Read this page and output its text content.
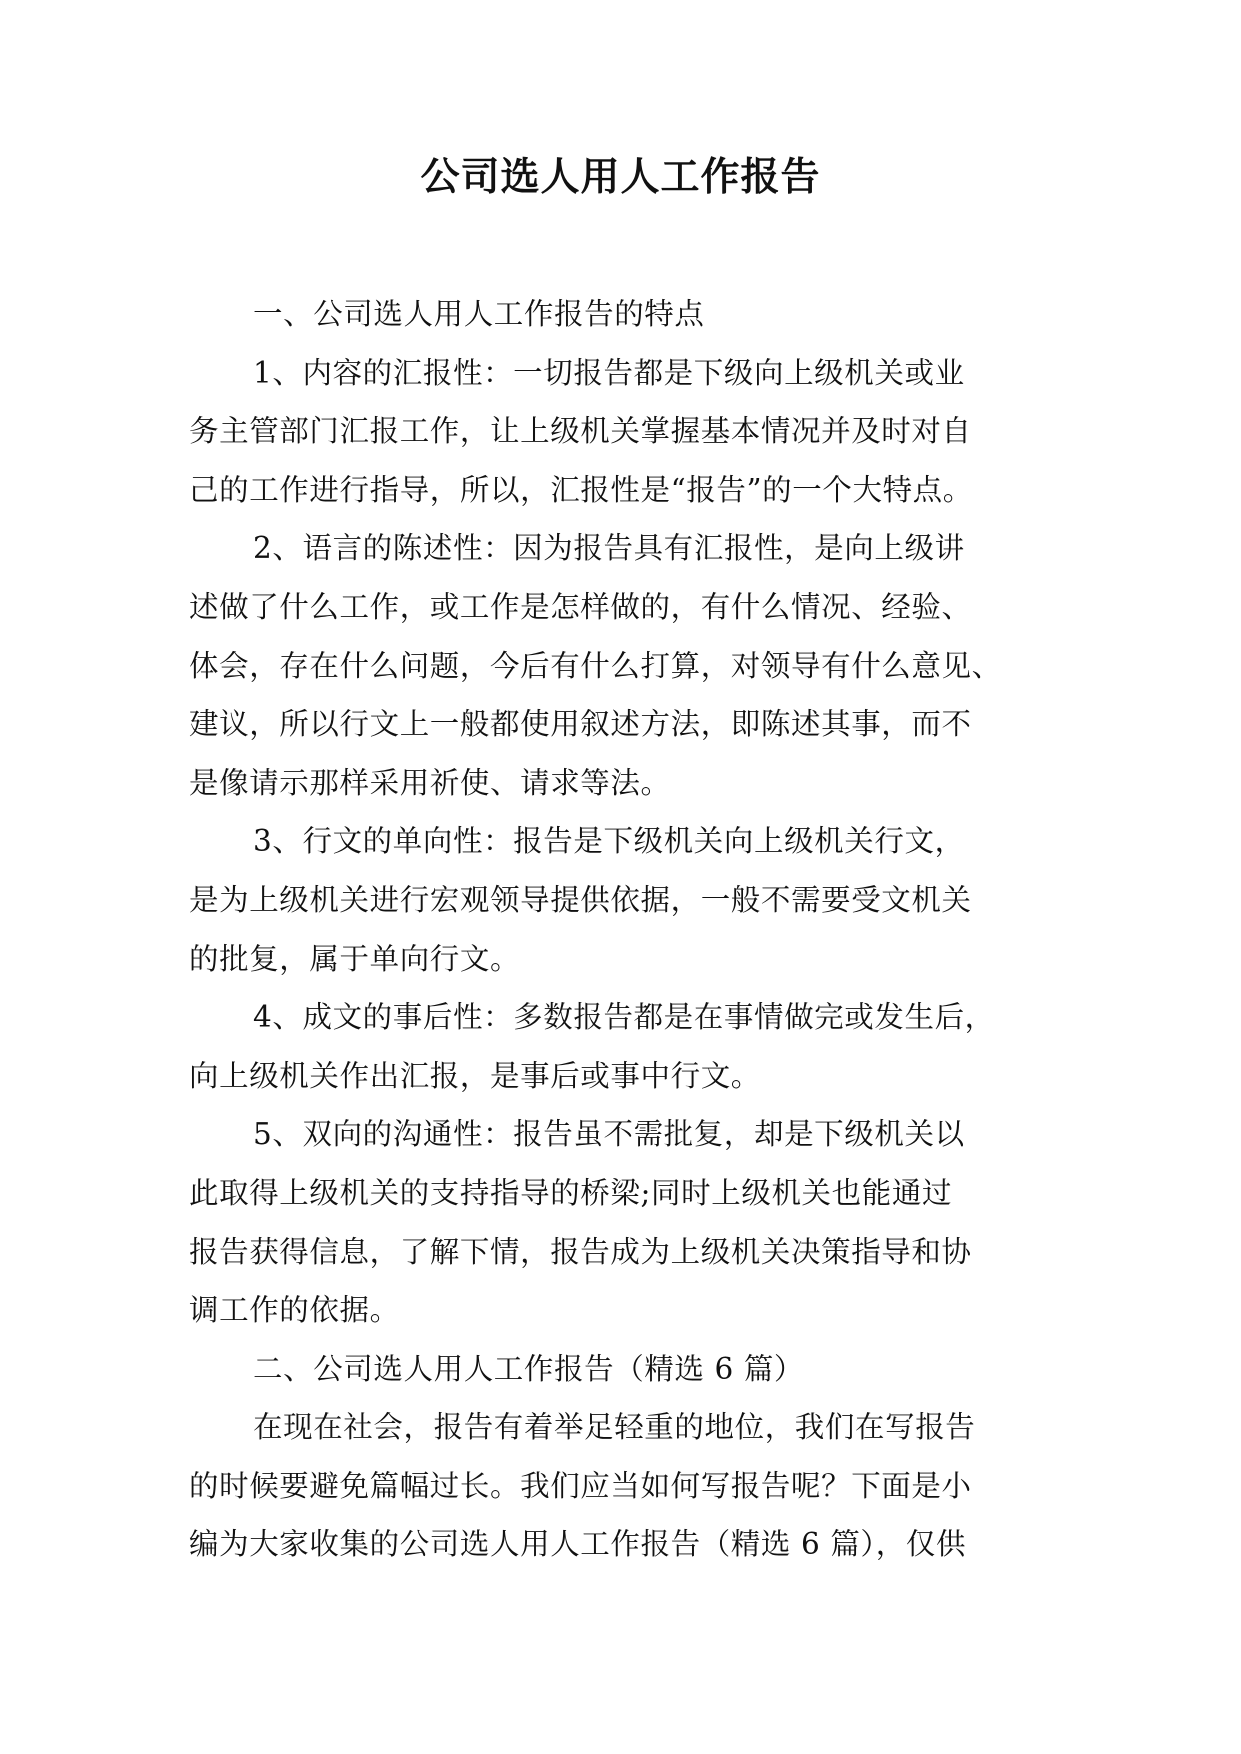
公司选人用人工作报告
一、公司选人用人工作报告的特点
1、内容的汇报性：一切报告都是下级向上级机关或业
务主管部门汇报工作，让上级机关掌握基本情况并及时对自
己的工作进行指导，所以，汇报性是“报告”的一个大特点。
2、语言的陈述性：因为报告具有汇报性，是向上级讲
述做了什么工作，或工作是怎样做的，有什么情况、经验、
体会，存在什么问题，今后有什么打算，对领导有什么意见、
建议，所以行文上一般都使用叙述方法，即陈述其事，而不
是像请示那样采用祈使、请求等法。
3、行文的单向性：报告是下级机关向上级机关行文，
是为上级机关进行宏观领导提供依据，一般不需要受文机关
的批复，属于单向行文。
4、成文的事后性：多数报告都是在事情做完或发生后，
向上级机关作出汇报，是事后或事中行文。
5、双向的沟通性：报告虽不需批复，却是下级机关以
此取得上级机关的支持指导的桥梁;同时上级机关也能通过
报告获得信息，了解下情，报告成为上级机关决策指导和协
调工作的依据。
二、公司选人用人工作报告（精选 6 篇）
在现在社会，报告有着举足轻重的地位，我们在写报告
的时候要避免篇幅过长。我们应当如何写报告呢？下面是小
编为大家收集的公司选人用人工作报告（精选 6 篇），仅供
